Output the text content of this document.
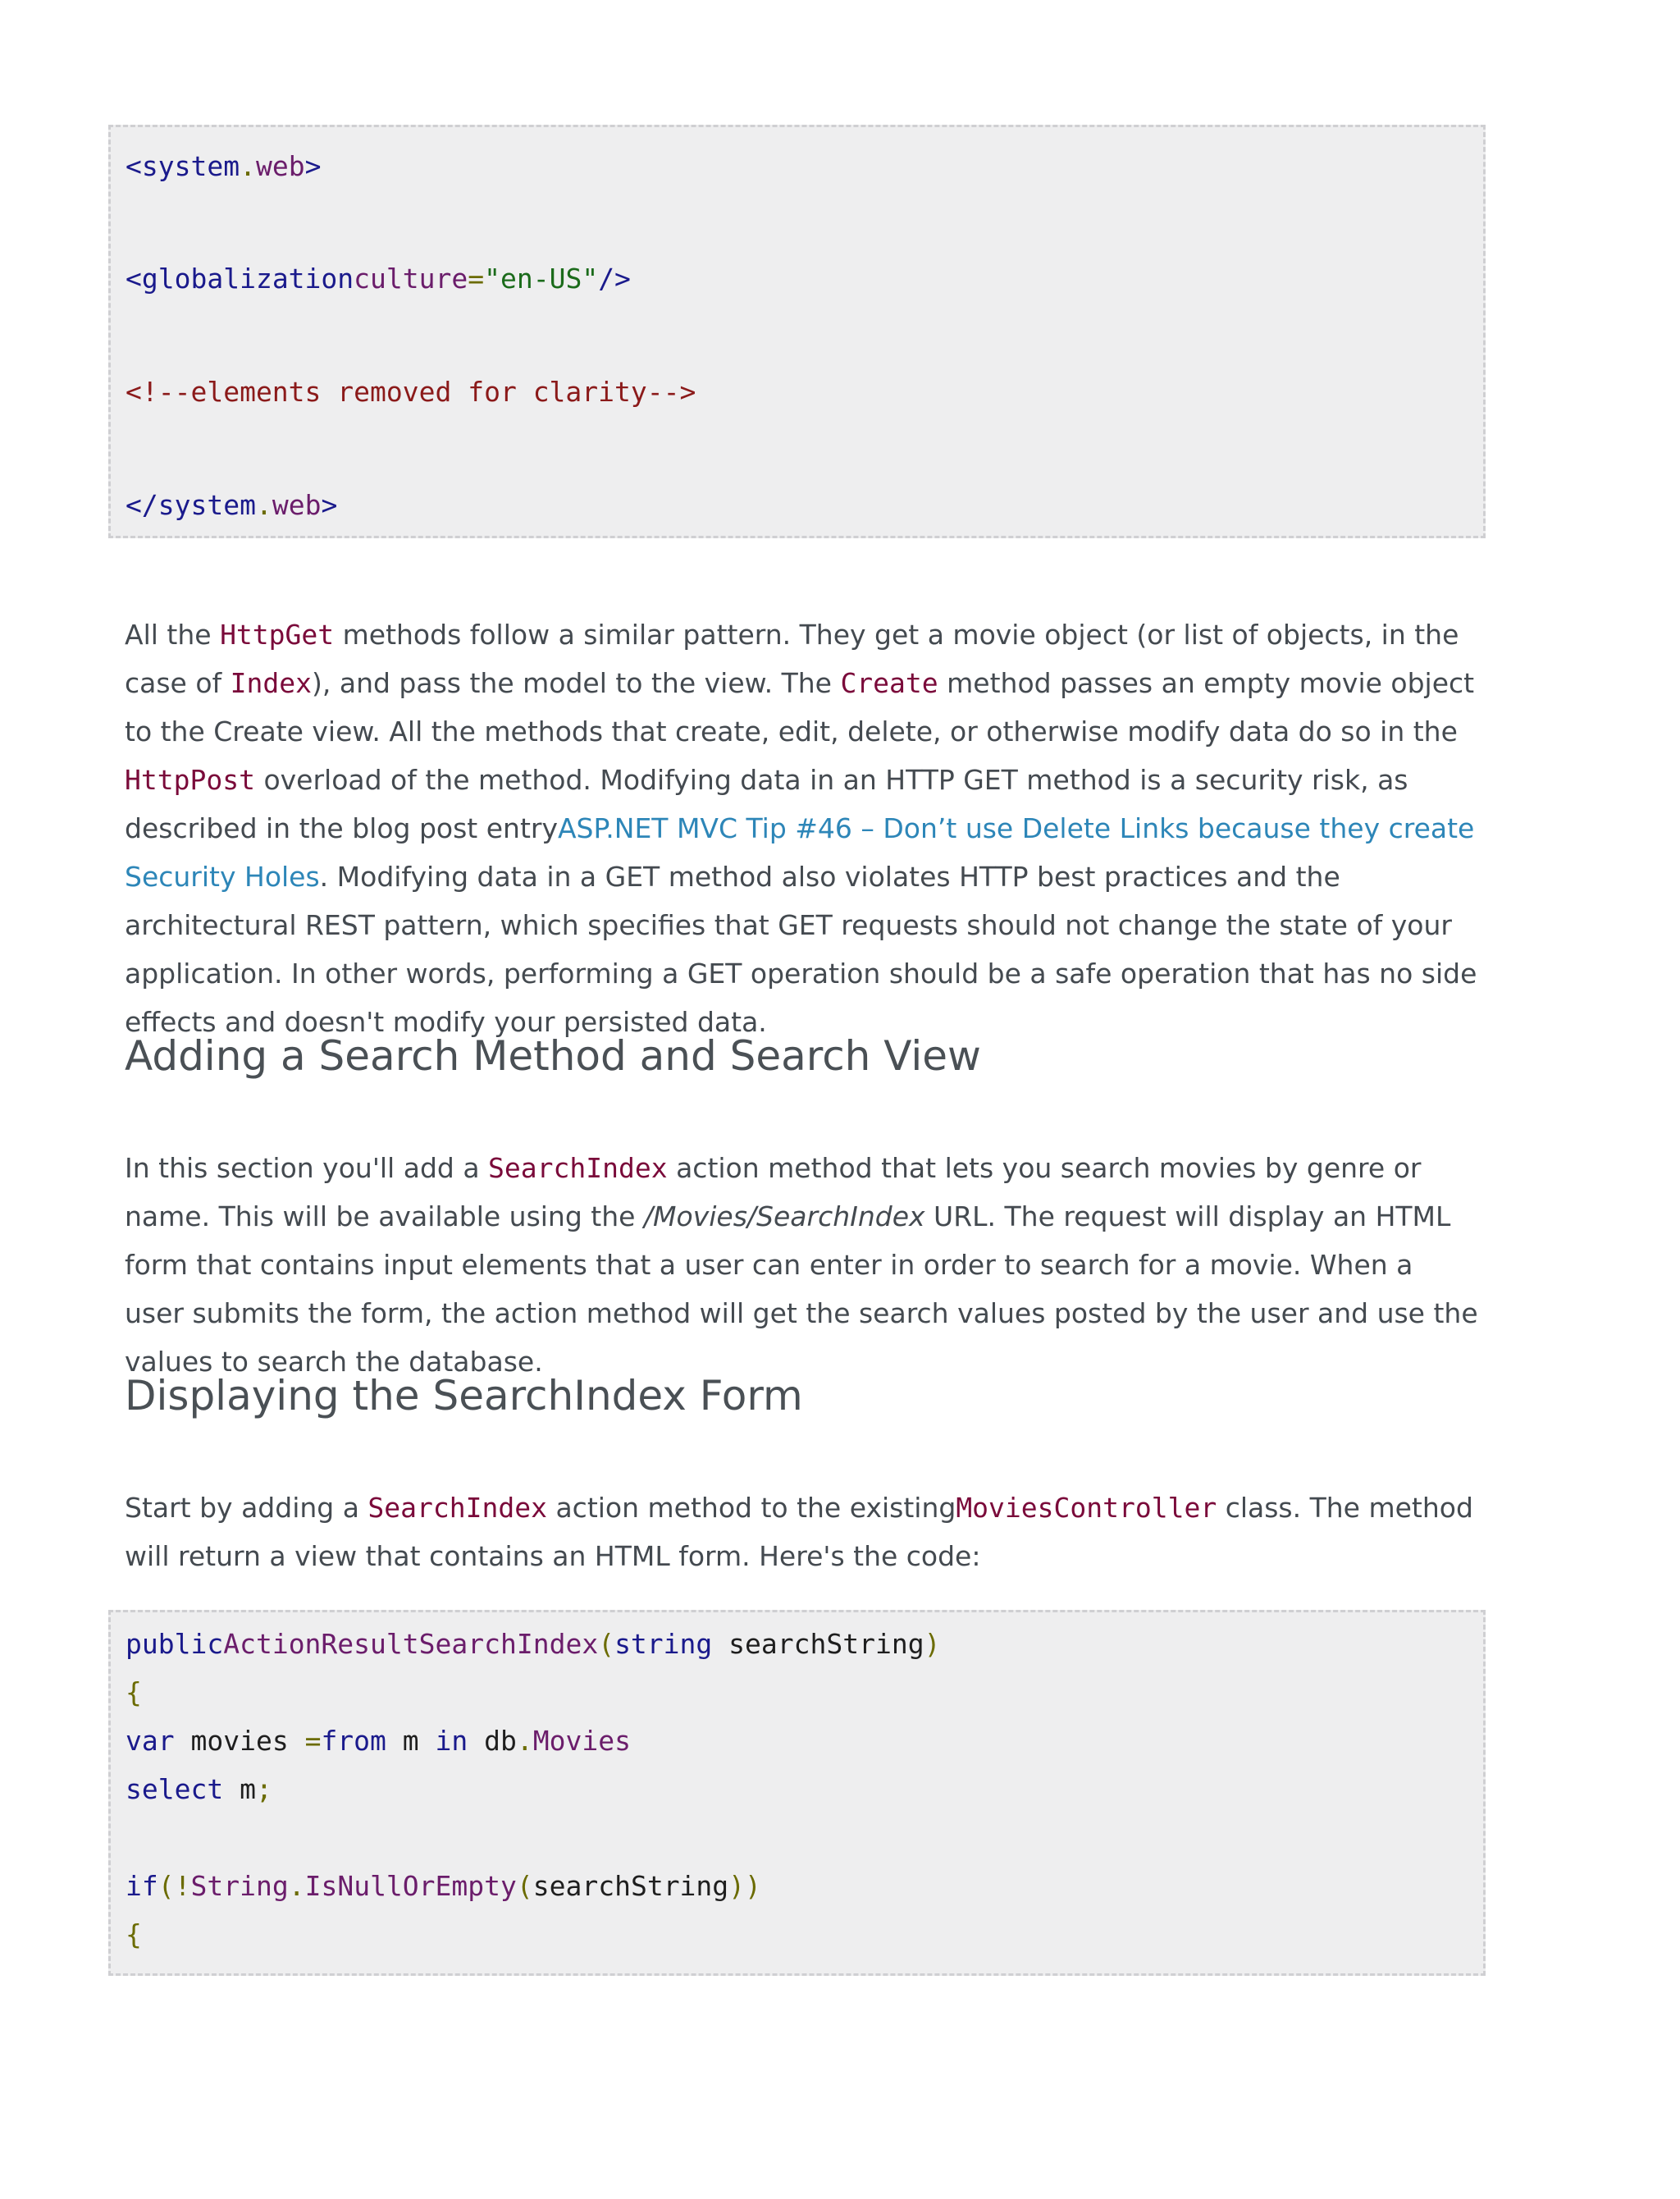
<system.web>

<globalizationculture="en-US"/>

<!--elements removed for clarity-->

</system.web>

All the HttpGet methods follow a similar pattern. They get a movie object (or list of objects, in the case of Index), and pass the model to the view. The Create method passes an empty movie object to the Create view. All the methods that create, edit, delete, or otherwise modify data do so in the HttpPost overload of the method. Modifying data in an HTTP GET method is a security risk, as described in the blog post entryASP.NET MVC Tip #46 – Don’t use Delete Links because they create Security Holes. Modifying data in a GET method also violates HTTP best practices and the architectural REST pattern, which specifies that GET requests should not change the state of your application. In other words, performing a GET operation should be a safe operation that has no side effects and doesn't modify your persisted data.

Adding a Search Method and Search View

In this section you'll add a SearchIndex action method that lets you search movies by genre or name. This will be available using the /Movies/SearchIndex URL. The request will display an HTML form that contains input elements that a user can enter in order to search for a movie. When a user submits the form, the action method will get the search values posted by the user and use the values to search the database.

Displaying the SearchIndex Form

Start by adding a SearchIndex action method to the existingMoviesController class. The method will return a view that contains an HTML form. Here's the code:

publicActionResultSearchIndex(string searchString)

{

var movies =from m in db.Movies

select m;

if(!String.IsNullOrEmpty(searchString))

{
